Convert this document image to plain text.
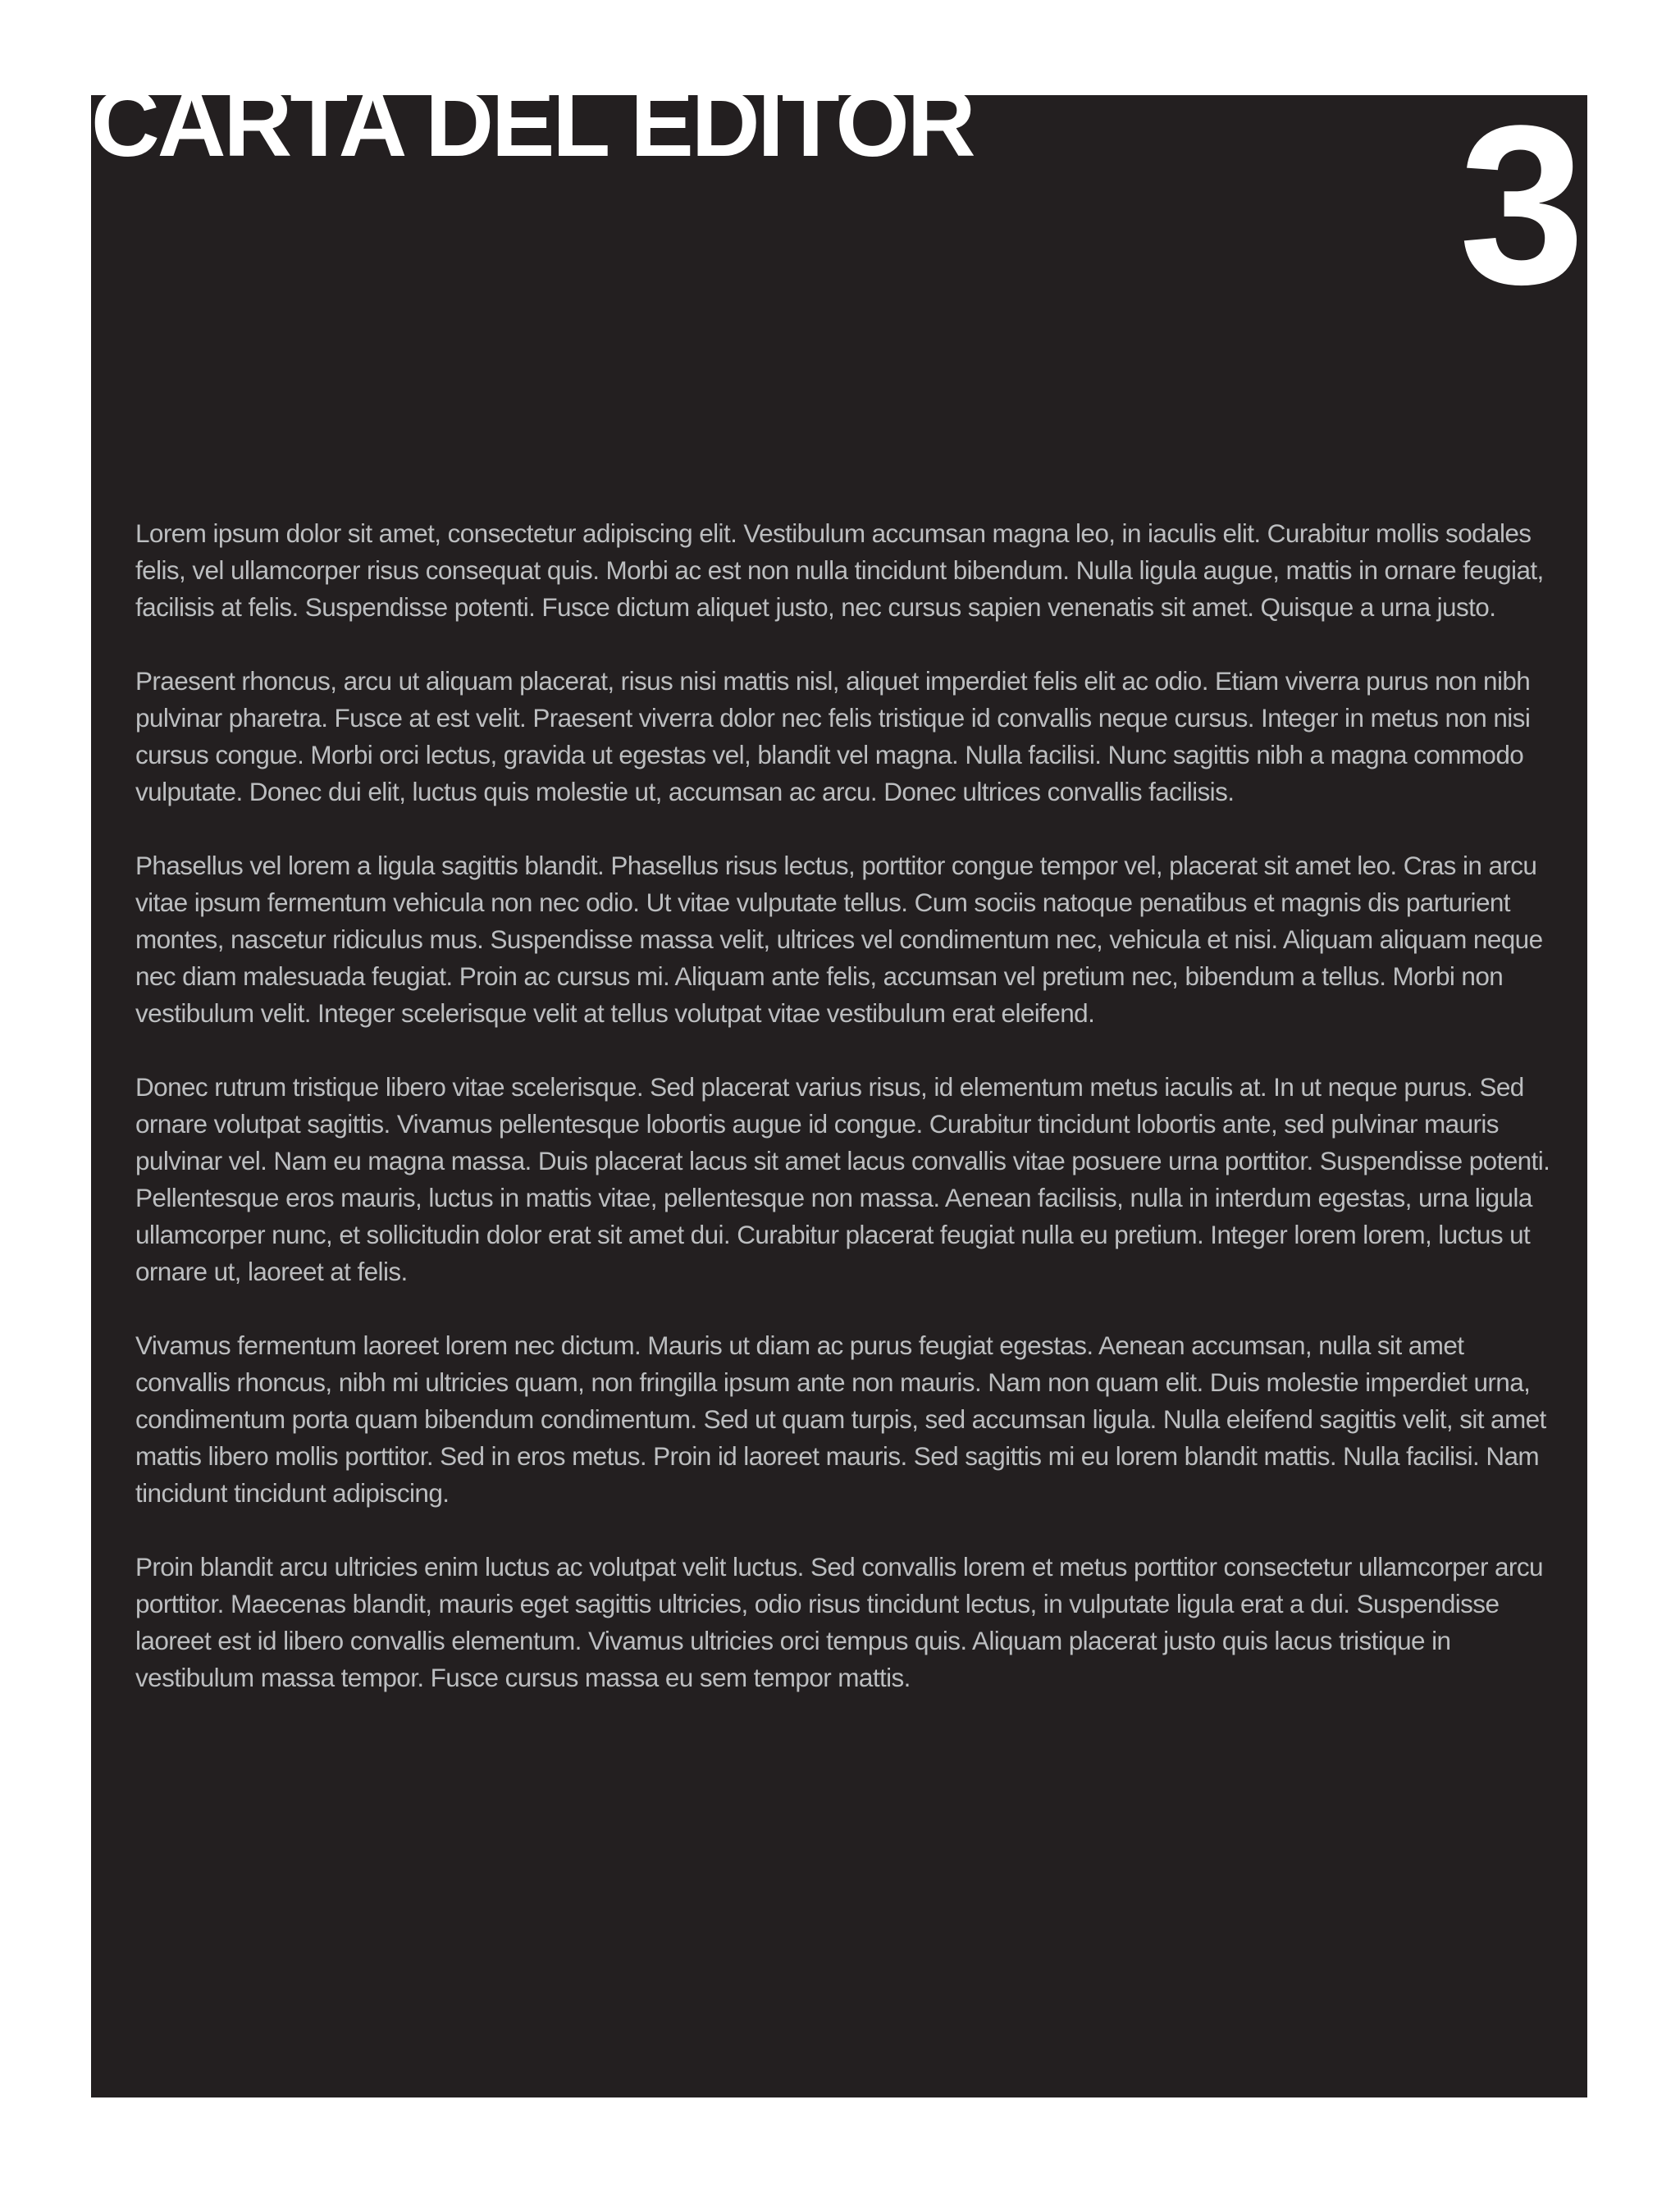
CARTA DEL EDITOR 3

Lorem ipsum dolor sit amet, consectetur adipiscing elit. Vestibulum accumsan magna leo, in iaculis elit. Curabitur mollis sodales felis, vel ullamcorper risus consequat quis. Morbi ac est non nulla tincidunt bibendum. Nulla ligula augue, mattis in ornare feugiat, facilisis at felis. Suspendisse potenti. Fusce dictum aliquet justo, nec cursus sapien venenatis sit amet. Quisque a urna justo.

Praesent rhoncus, arcu ut aliquam placerat, risus nisi mattis nisl, aliquet imperdiet felis elit ac odio. Etiam viverra purus non nibh pulvinar pharetra. Fusce at est velit. Praesent viverra dolor nec felis tristique id convallis neque cursus. Integer in metus non nisi cursus congue. Morbi orci lectus, gravida ut egestas vel, blandit vel magna. Nulla facilisi. Nunc sagittis nibh a magna commodo vulputate. Donec dui elit, luctus quis molestie ut, accumsan ac arcu. Donec ultrices convallis facilisis.

Phasellus vel lorem a ligula sagittis blandit. Phasellus risus lectus, porttitor congue tempor vel, placerat sit amet leo. Cras in arcu vitae ipsum fermentum vehicula non nec odio. Ut vitae vulputate tellus. Cum sociis natoque penatibus et magnis dis parturient montes, nascetur ridiculus mus. Suspendisse massa velit, ultrices vel condimentum nec, vehicula et nisi. Aliquam aliquam neque nec diam malesuada feugiat. Proin ac cursus mi. Aliquam ante felis, accumsan vel pretium nec, bibendum a tellus. Morbi non vestibulum velit. Integer scelerisque velit at tellus volutpat vitae vestibulum erat eleifend.

Donec rutrum tristique libero vitae scelerisque. Sed placerat varius risus, id elementum metus iaculis at. In ut neque purus. Sed ornare volutpat sagittis. Vivamus pellentesque lobortis augue id congue. Curabitur tincidunt lobortis ante, sed pulvinar mauris pulvinar vel. Nam eu magna massa. Duis placerat lacus sit amet lacus convallis vitae posuere urna porttitor. Suspendisse potenti. Pellentesque eros mauris, luctus in mattis vitae, pellentesque non massa. Aenean facilisis, nulla in interdum egestas, urna ligula ullamcorper nunc, et sollicitudin dolor erat sit amet dui. Curabitur placerat feugiat nulla eu pretium. Integer lorem lorem, luctus ut ornare ut, laoreet at felis.

Vivamus fermentum laoreet lorem nec dictum. Mauris ut diam ac purus feugiat egestas. Aenean accumsan, nulla sit amet convallis rhoncus, nibh mi ultricies quam, non fringilla ipsum ante non mauris. Nam non quam elit. Duis molestie imperdiet urna, condimentum porta quam bibendum condimentum. Sed ut quam turpis, sed accumsan ligula. Nulla eleifend sagittis velit, sit amet mattis libero mollis porttitor. Sed in eros metus. Proin id laoreet mauris. Sed sagittis mi eu lorem blandit mattis. Nulla facilisi. Nam tincidunt tincidunt adipiscing.

Proin blandit arcu ultricies enim luctus ac volutpat velit luctus. Sed convallis lorem et metus porttitor consectetur ullamcorper arcu porttitor. Maecenas blandit, mauris eget sagittis ultricies, odio risus tincidunt lectus, in vulputate ligula erat a dui. Suspendisse laoreet est id libero convallis elementum. Vivamus ultricies orci tempus quis. Aliquam placerat justo quis lacus tristique in vestibulum massa tempor. Fusce cursus massa eu sem tempor mattis.
